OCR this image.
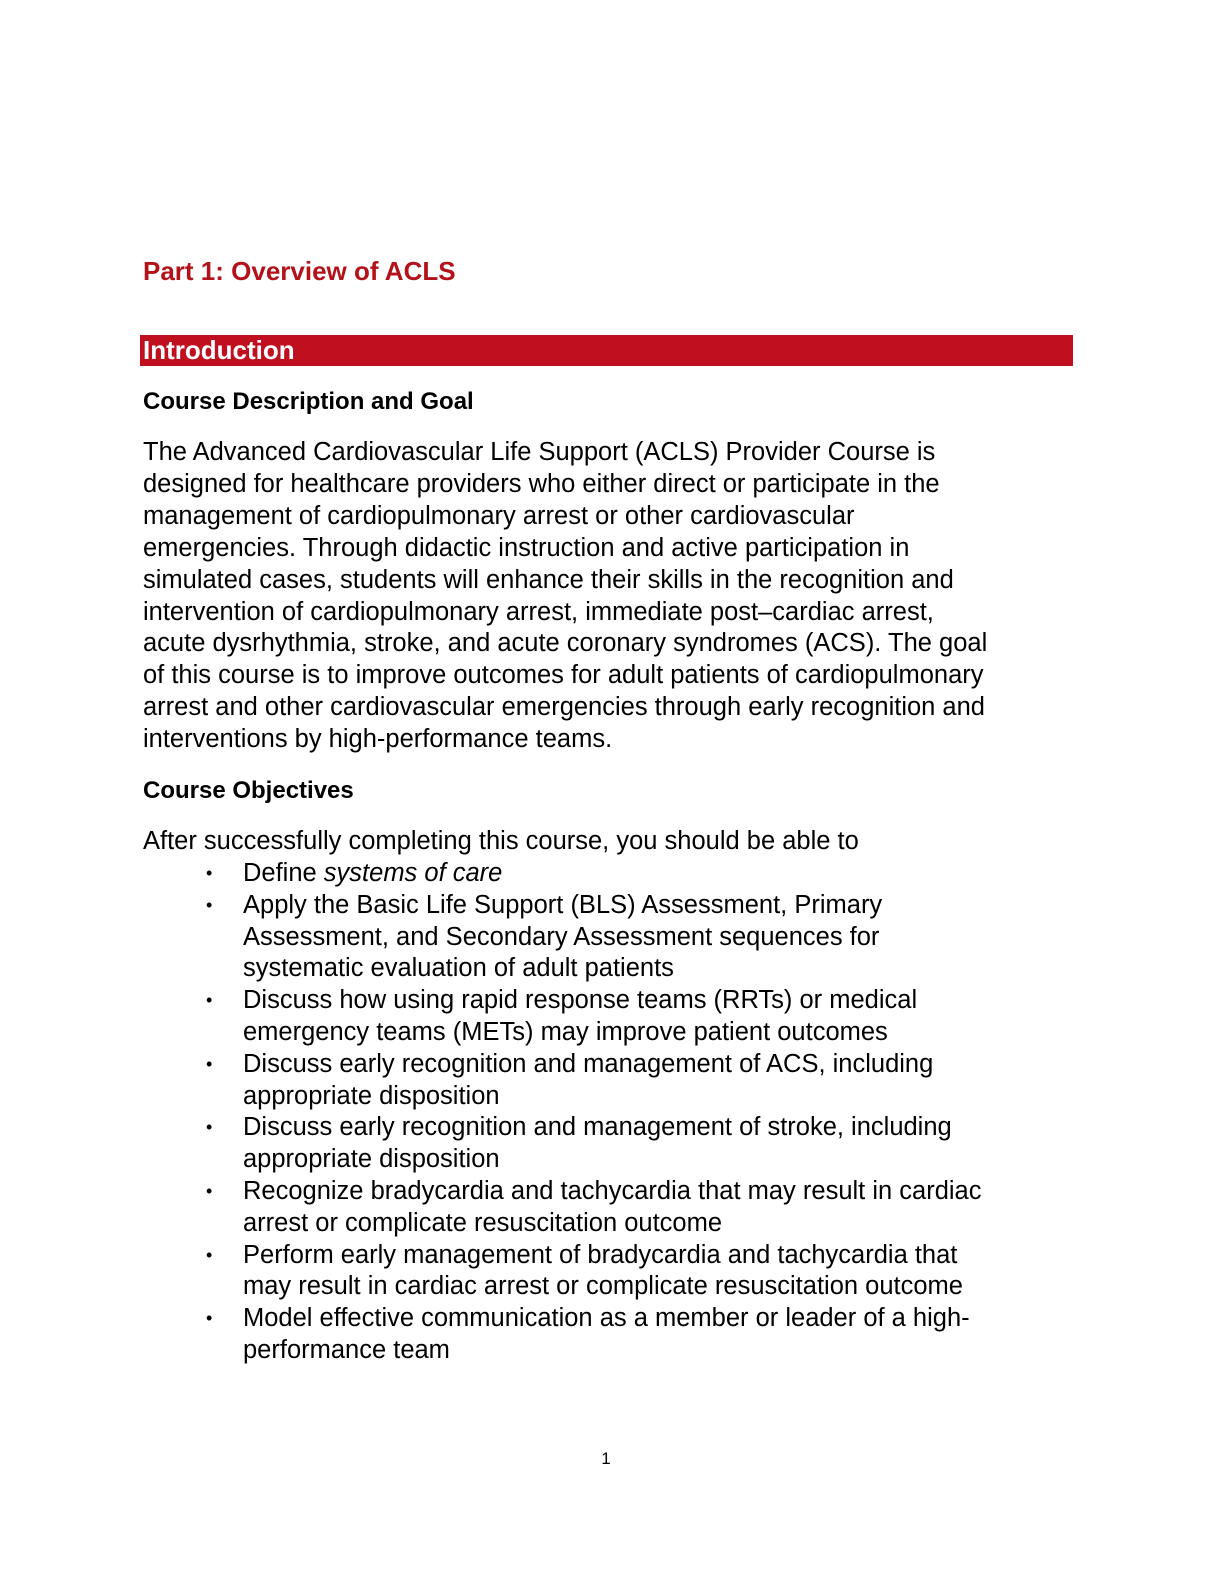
Part 1: Overview of ACLS
Introduction
Course Description and Goal
The Advanced Cardiovascular Life Support (ACLS) Provider Course is
designed for healthcare providers who either direct or participate in the
management of cardiopulmonary arrest or other cardiovascular
emergencies. Through didactic instruction and active participation in
simulated cases, students will enhance their skills in the recognition and
intervention of cardiopulmonary arrest, immediate post–cardiac arrest,
acute dysrhythmia, stroke, and acute coronary syndromes (ACS). The goal
of this course is to improve outcomes for adult patients of cardiopulmonary
arrest and other cardiovascular emergencies through early recognition and
interventions by high-performance teams.
Course Objectives
After successfully completing this course, you should be able to
• Define systems of care
• Apply the Basic Life Support (BLS) Assessment, Primary
Assessment, and Secondary Assessment sequences for
systematic evaluation of adult patients
• Discuss how using rapid response teams (RRTs) or medical
emergency teams (METs) may improve patient outcomes
• Discuss early recognition and management of ACS, including
appropriate disposition
• Discuss early recognition and management of stroke, including
appropriate disposition
• Recognize bradycardia and tachycardia that may result in cardiac
arrest or complicate resuscitation outcome
• Perform early management of bradycardia and tachycardia that
may result in cardiac arrest or complicate resuscitation outcome
• Model effective communication as a member or leader of a high-
performance team
1
